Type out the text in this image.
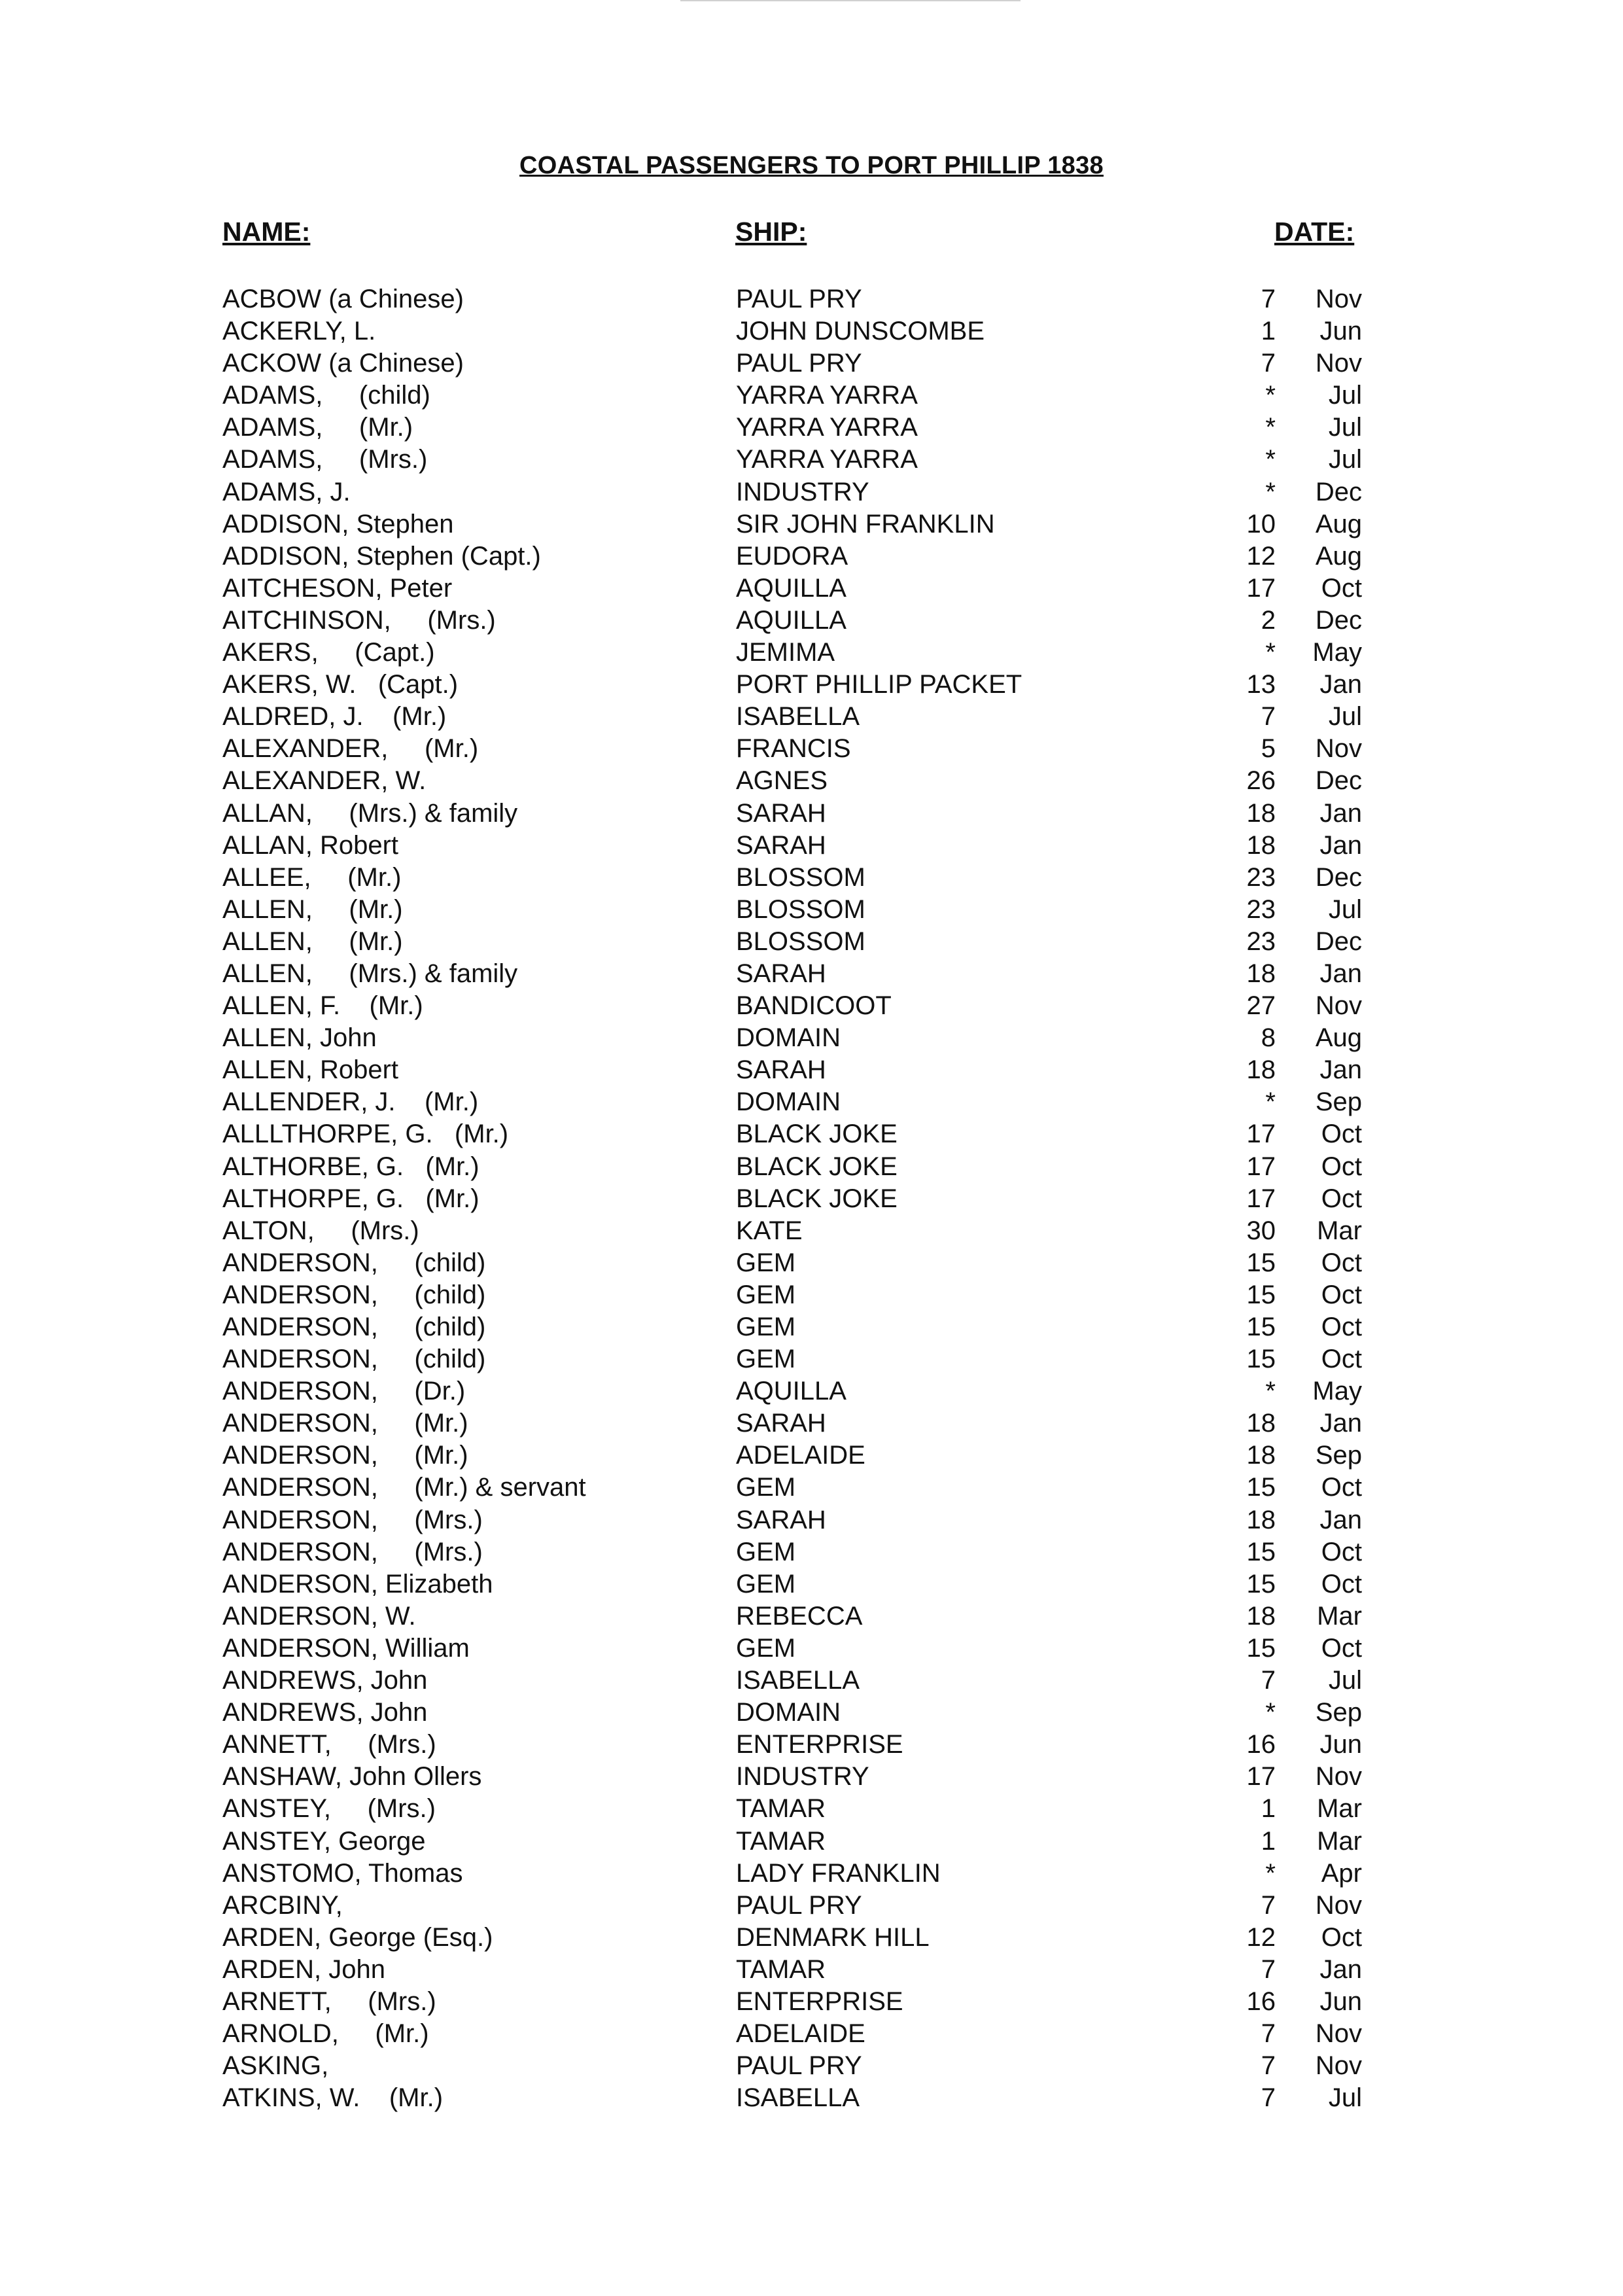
COASTAL PASSENGERS TO PORT PHILLIP 1838
NAME:	SHIP:	DATE:
ACBOW (a Chinese)	PAUL PRY	7	Nov
ACKERLY, L.	JOHN DUNSCOMBE	1	Jun
ACKOW (a Chinese)	PAUL PRY	7	Nov
ADAMS,     (child)	YARRA YARRA	*	Jul
ADAMS,     (Mr.)	YARRA YARRA	*	Jul
ADAMS,     (Mrs.)	YARRA YARRA	*	Jul
ADAMS, J.	INDUSTRY	*	Dec
ADDISON, Stephen	SIR JOHN FRANKLIN	10	Aug
ADDISON, Stephen (Capt.)	EUDORA	12	Aug
AITCHESON, Peter	AQUILLA	17	Oct
AITCHINSON,     (Mrs.)	AQUILLA	2	Dec
AKERS,     (Capt.)	JEMIMA	*	May
AKERS, W.   (Capt.)	PORT PHILLIP PACKET	13	Jan
ALDRED, J.    (Mr.)	ISABELLA	7	Jul
ALEXANDER,     (Mr.)	FRANCIS	5	Nov
ALEXANDER, W.	AGNES	26	Dec
ALLAN,     (Mrs.) & family	SARAH	18	Jan
ALLAN, Robert	SARAH	18	Jan
ALLEE,     (Mr.)	BLOSSOM	23	Dec
ALLEN,     (Mr.)	BLOSSOM	23	Jul
ALLEN,     (Mr.)	BLOSSOM	23	Dec
ALLEN,     (Mrs.) & family	SARAH	18	Jan
ALLEN, F.    (Mr.)	BANDICOOT	27	Nov
ALLEN, John	DOMAIN	8	Aug
ALLEN, Robert	SARAH	18	Jan
ALLENDER, J.    (Mr.)	DOMAIN	*	Sep
ALLLTHORPE, G.   (Mr.)	BLACK JOKE	17	Oct
ALTHORBE, G.   (Mr.)	BLACK JOKE	17	Oct
ALTHORPE, G.   (Mr.)	BLACK JOKE	17	Oct
ALTON,     (Mrs.)	KATE	30	Mar
ANDERSON,     (child)	GEM	15	Oct
ANDERSON,     (child)	GEM	15	Oct
ANDERSON,     (child)	GEM	15	Oct
ANDERSON,     (child)	GEM	15	Oct
ANDERSON,     (Dr.)	AQUILLA	*	May
ANDERSON,     (Mr.)	SARAH	18	Jan
ANDERSON,     (Mr.)	ADELAIDE	18	Sep
ANDERSON,     (Mr.) & servant	GEM	15	Oct
ANDERSON,     (Mrs.)	SARAH	18	Jan
ANDERSON,     (Mrs.)	GEM	15	Oct
ANDERSON, Elizabeth	GEM	15	Oct
ANDERSON, W.	REBECCA	18	Mar
ANDERSON, William	GEM	15	Oct
ANDREWS, John	ISABELLA	7	Jul
ANDREWS, John	DOMAIN	*	Sep
ANNETT,     (Mrs.)	ENTERPRISE	16	Jun
ANSHAW, John Ollers	INDUSTRY	17	Nov
ANSTEY,     (Mrs.)	TAMAR	1	Mar
ANSTEY, George	TAMAR	1	Mar
ANSTOMO, Thomas	LADY FRANKLIN	*	Apr
ARCBINY,	PAUL PRY	7	Nov
ARDEN, George (Esq.)	DENMARK HILL	12	Oct
ARDEN, John	TAMAR	7	Jan
ARNETT,     (Mrs.)	ENTERPRISE	16	Jun
ARNOLD,     (Mr.)	ADELAIDE	7	Nov
ASKING,	PAUL PRY	7	Nov
ATKINS, W.    (Mr.)	ISABELLA	7	Jul
